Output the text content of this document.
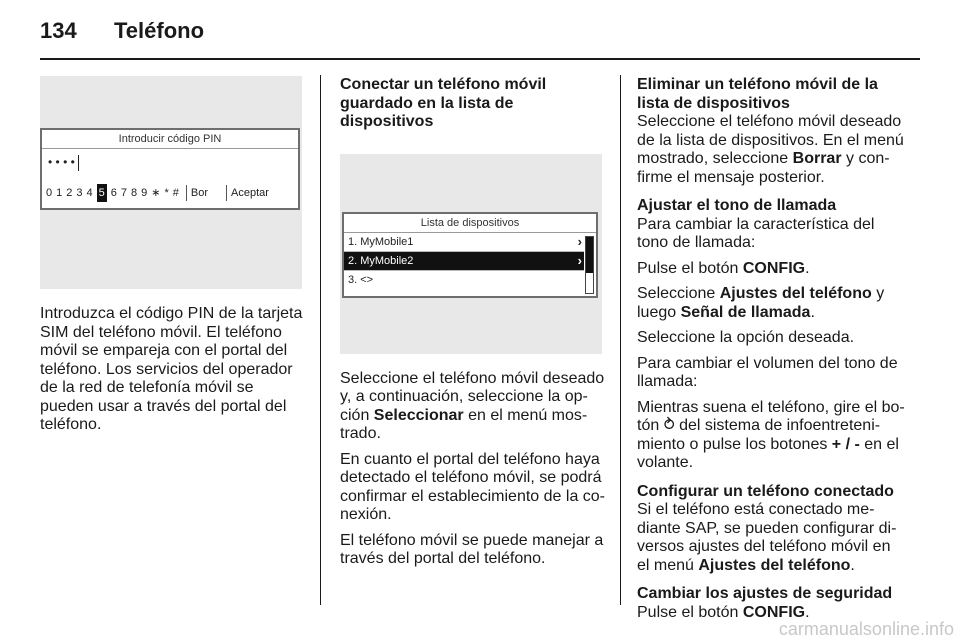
134	Teléfono
Introducir código PIN
• • • •
0 1 2 3 4 5 6 7 8 9 ∗ * # Bor Aceptar

Introduzca el código PIN de la tarjeta SIM del teléfono móvil. El teléfono móvil se empareja con el portal del teléfono. Los servicios del operador de la red de telefonía móvil se pueden usar a través del portal del teléfono.

Conectar un teléfono móvil guardado en la lista de dispositivos
Lista de dispositivos
1. MyMobile1	›
2. MyMobile2	›
3. <>

Seleccione el teléfono móvil deseado y, a continuación, seleccione la op-ción Seleccionar en el menú mos-trado.

En cuanto el portal del teléfono haya detectado el teléfono móvil, se podrá confirmar el establecimiento de la co-nexión.

El teléfono móvil se puede manejar a través del portal del teléfono.

Eliminar un teléfono móvil de la lista de dispositivos

Seleccione el teléfono móvil deseado de la lista de dispositivos. En el menú mostrado, seleccione Borrar y con-firme el mensaje posterior.

Ajustar el tono de llamada

Para cambiar la característica del tono de llamada:

Pulse el botón CONFIG.

Seleccione Ajustes del teléfono y luego Señal de llamada.

Seleccione la opción deseada.

Para cambiar el volumen del tono de llamada:

Mientras suena el teléfono, gire el bo-tón ⥁ del sistema de infoentreteni-miento o pulse los botones + / - en el volante.

Configurar un teléfono conectado

Si el teléfono está conectado me-diante SAP, se pueden configurar di-versos ajustes del teléfono móvil en el menú Ajustes del teléfono.

Cambiar los ajustes de seguridad

Pulse el botón CONFIG.

carmanualsonline.info
